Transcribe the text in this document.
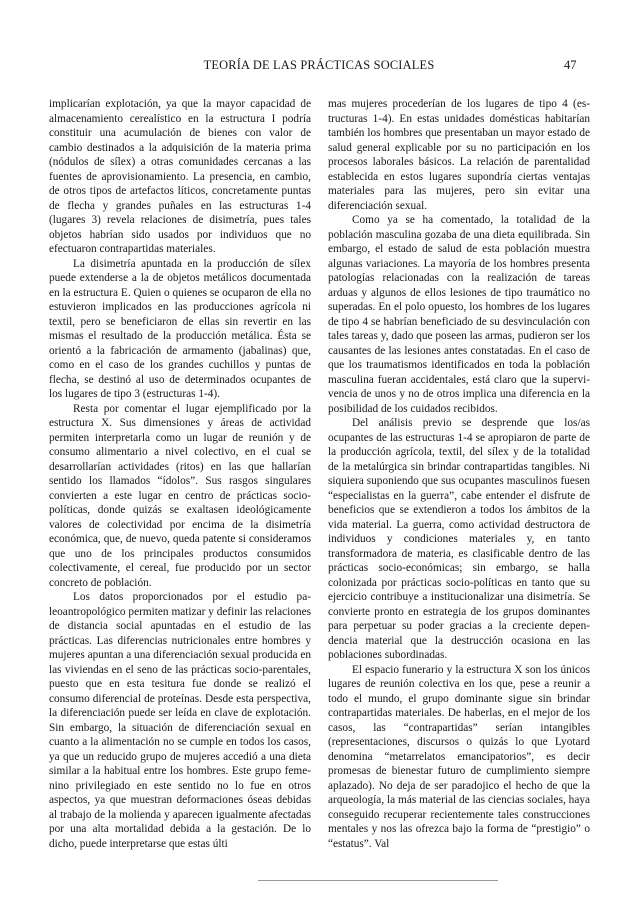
TEORÍA DE LAS PRÁCTICAS SOCIALES	47

implicarían explotación, ya que la mayor capacidad de almacenamiento cerealístico en la estructura I podría constituir una acumulación de bienes con valor de cambio destinados a la adquisición de la materia prima (nódulos de sílex) a otras comunidades cercanas a las fuentes de aprovisionamiento. La presencia, en cambio, de otros tipos de artefactos líticos, concretamente puntas de flecha y grandes puñales en las estructuras 1-4 (lugares 3) revela relaciones de disimetría, pues tales objetos habrían sido usados por individuos que no efectuaron contrapartidas materiales.

La disimetría apuntada en la producción de sílex puede extenderse a la de objetos metálicos documentada en la estructura E. Quien o quienes se ocuparon de ella no estuvieron implicados en las producciones agrícola ni textil, pero se beneficiaron de ellas sin revertir en las mismas el resultado de la producción metálica. Ésta se orientó a la fabricación de armamento (jabalinas) que, como en el caso de los grandes cuchillos y puntas de flecha, se destinó al uso de determinados ocupantes de los lugares de tipo 3 (estructuras 1-4).

Resta por comentar el lugar ejemplificado por la estructura X. Sus dimensiones y áreas de actividad permiten interpretarla como un lugar de reunión y de consumo alimentario a nivel colectivo, en el cual se desarrollarían actividades (ritos) en las que hallarían sentido los llamados “ídolos”. Sus rasgos singulares convierten a este lugar en centro de prácticas socio-políticas, donde quizás se exaltasen ideológicamente valores de colectividad por encima de la disimetría económica, que, de nuevo, queda patente si consideramos que uno de los principales productos consumidos colectivamente, el cereal, fue producido por un sector concreto de población.

Los datos proporcionados por el estudio paleoantropológico permiten matizar y definir las relaciones de distancia social apuntadas en el estudio de las prácticas. Las diferencias nutricionales entre hombres y mujeres apuntan a una diferenciación sexual producida en las viviendas en el seno de las prácticas socio-parentales, puesto que en esta tesitura fue donde se realizó el consumo diferencial de proteínas. Desde esta perspectiva, la diferenciación puede ser leída en clave de explotación. Sin embargo, la situación de diferenciación sexual en cuanto a la alimentación no se cumple en todos los casos, ya que un reducido grupo de mujeres accedió a una dieta similar a la habitual entre los hombres. Este grupo femenino privilegiado en este sentido no lo fue en otros aspectos, ya que muestran deformaciones óseas debidas al trabajo de la molienda y aparecen igualmente afectadas por una alta mortalidad debida a la gestación. De lo dicho, puede interpretarse que estas últi

mas mujeres procederían de los lugares de tipo 4 (estructuras 1-4). En estas unidades domésticas habitarían también los hombres que presentaban un mayor estado de salud general explicable por su no participación en los procesos laborales básicos. La relación de parentalidad establecida en estos lugares supondría ciertas ventajas materiales para las mujeres, pero sin evitar una diferenciación sexual.

Como ya se ha comentado, la totalidad de la población masculina gozaba de una dieta equilibrada. Sin embargo, el estado de salud de esta población muestra algunas variaciones. La mayoría de los hombres presenta patologías relacionadas con la realización de tareas arduas y algunos de ellos lesiones de tipo traumático no superadas. En el polo opuesto, los hombres de los lugares de tipo 4 se habrían beneficiado de su desvinculación con tales tareas y, dado que poseen las armas, pudieron ser los causantes de las lesiones antes constatadas. En el caso de que los traumatismos identificados en toda la población masculina fueran accidentales, está claro que la supervivencia de unos y no de otros implica una diferencia en la posibilidad de los cuidados recibidos.

Del análisis previo se desprende que los/as ocupantes de las estructuras 1-4 se apropiaron de parte de la producción agrícola, textil, del sílex y de la totalidad de la metalúrgica sin brindar contrapartidas tangibles. Ni siquiera suponiendo que sus ocupantes masculinos fuesen “especialistas en la guerra”, cabe entender el disfrute de beneficios que se extendieron a todos los ámbitos de la vida material. La guerra, como actividad destructora de individuos y condiciones materiales y, en tanto transformadora de materia, es clasificable dentro de las prácticas socio-económicas; sin embargo, se halla colonizada por prácticas socio-políticas en tanto que su ejercicio contribuye a institucionalizar una disimetría. Se convierte pronto en estrategia de los grupos dominantes para perpetuar su poder gracias a la creciente dependencia material que la destrucción ocasiona en las poblaciones subordinadas.

El espacio funerario y la estructura X son los únicos lugares de reunión colectiva en los que, pese a reunir a todo el mundo, el grupo dominante sigue sin brindar contrapartidas materiales. De haberlas, en el mejor de los casos, las “contrapartidas” serían intangibles (representaciones, discursos o quizás lo que Lyotard denomina “metarrelatos emancipatorios”, es decir promesas de bienestar futuro de cumplimiento siempre aplazado). No deja de ser paradojico el hecho de que la arqueología, la más material de las ciencias sociales, haya conseguido recuperar recientemente tales construcciones mentales y nos las ofrezca bajo la forma de “prestigio” o “estatus”. Val
